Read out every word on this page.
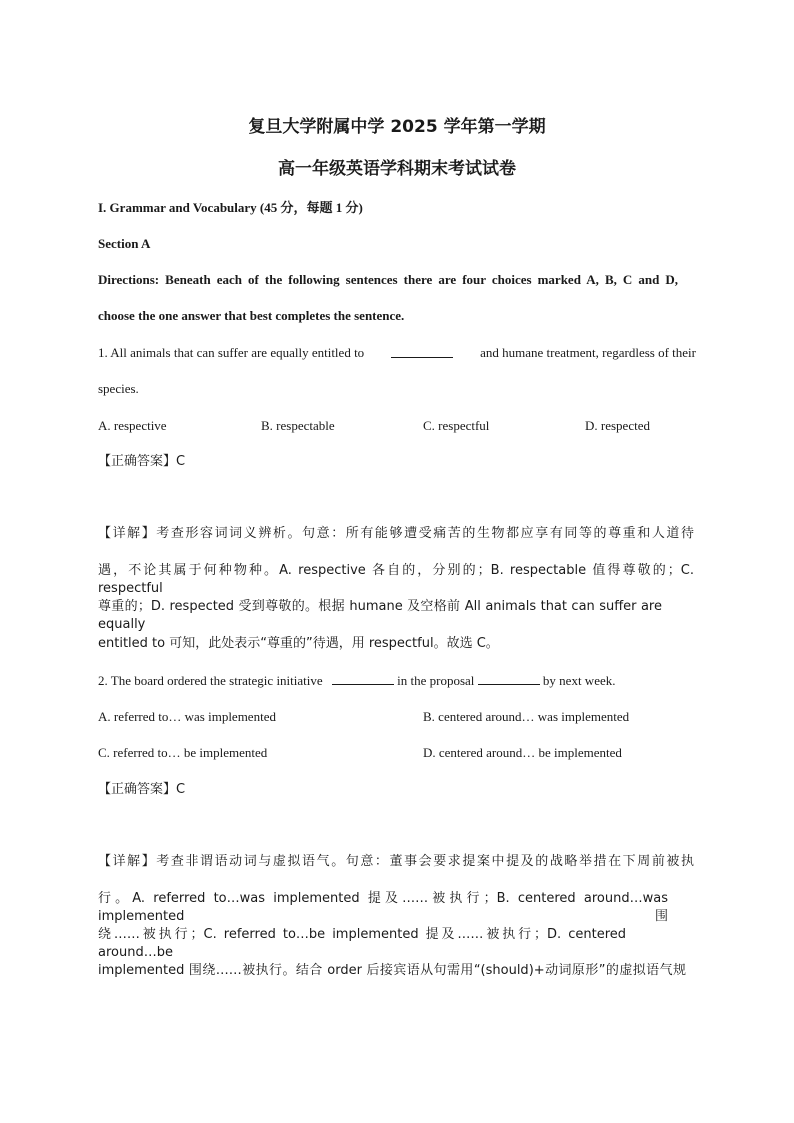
复旦大学附属中学 2025 学年第一学期
高一年级英语学科期末考试试卷
I. Grammar and Vocabulary (45 分，每题 1 分)
Section A
Directions: Beneath each of the following sentences there are four choices marked A, B, C and D,
choose the one answer that best completes the sentence.
1. All animals that can suffer are equally entitled to	and humane treatment, regardless of their
species.
A. respective	B. respectable	C. respectful	D. respected
【正确答案】C
【详解】考查形容词词义辨析。句意：所有能够遭受痛苦的生物都应享有同等的尊重和人道待
遇，不论其属于何种物种。A. respective 各自的，分别的；B. respectable 值得尊敬的；C. respectful
尊重的；D. respected 受到尊敬的。根据 humane 及空格前 All animals that can suffer are equally
entitled to 可知，此处表示“尊重的”待遇，用 respectful。故选 C。
2. The board ordered the strategic initiative	in the proposal	by next week.
A. referred to… was implemented	B. centered around… was implemented
C. referred to… be implemented	D. centered around… be implemented
【正确答案】C
【详解】考查非谓语动词与虚拟语气。句意：董事会要求提案中提及的战略举措在下周前被执
行。A. referred to…was implemented 提及……被执行；B. centered around…was implemented 围
绕……被执行；C. referred to…be implemented 提及……被执行；D. centered around…be
implemented 围绕……被执行。结合 order 后接宾语从句需用“(should)+动词原形”的虚拟语气规
